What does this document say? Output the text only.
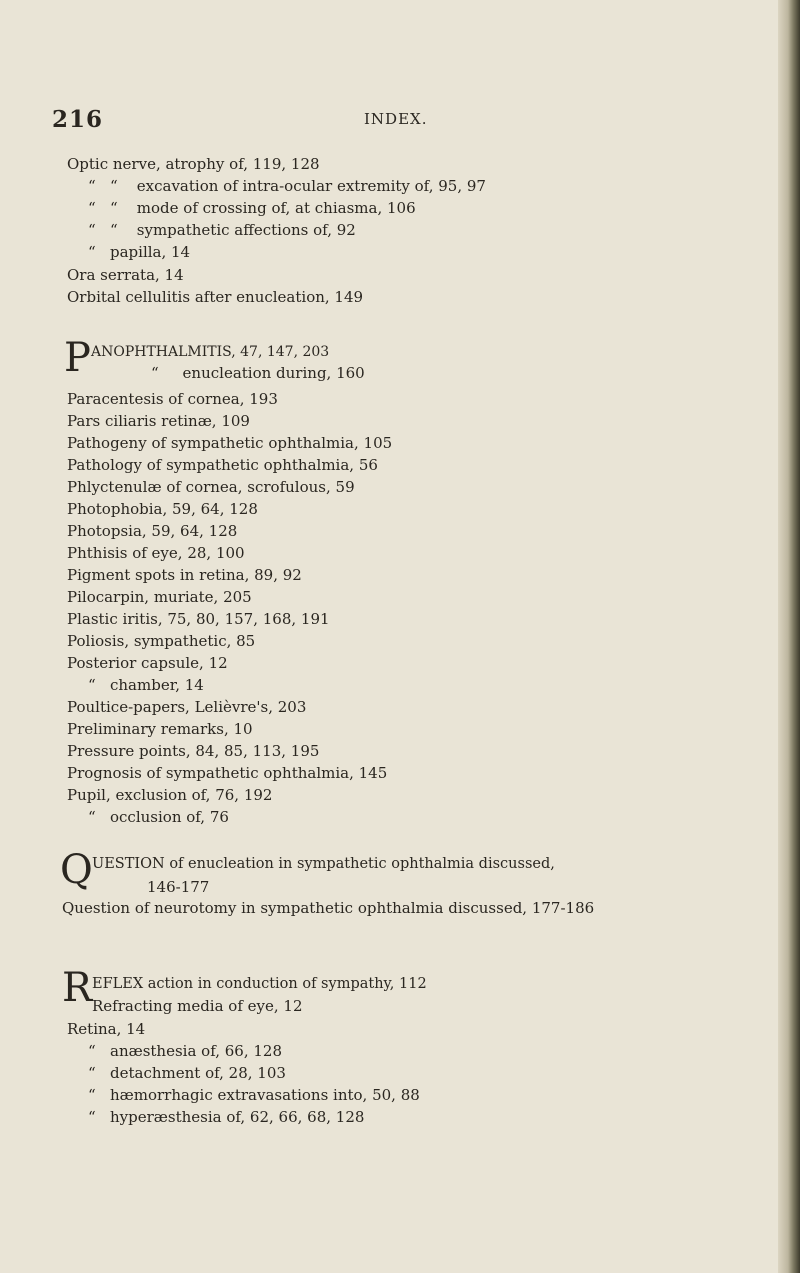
216	INDEX.
Optic nerve, atrophy of, 119, 128
“ “ excavation of intra-ocular extremity of, 95, 97
“ “ mode of crossing of, at chiasma, 106
“ “ sympathetic affections of, 92
“ papilla, 14
Ora serrata, 14
Orbital cellulitis after enucleation, 149
P ANOPHTHALMITIS, 47, 147, 203
“ enucleation during, 160
Paracentesis of cornea, 193
Pars ciliaris retinæ, 109
Pathogeny of sympathetic ophthalmia, 105
Pathology of sympathetic ophthalmia, 56
Phlyctenulæ of cornea, scrofulous, 59
Photophobia, 59, 64, 128
Photopsia, 59, 64, 128
Phthisis of eye, 28, 100
Pigment spots in retina, 89, 92
Pilocarpin, muriate, 205
Plastic iritis, 75, 80, 157, 168, 191
Poliosis, sympathetic, 85
Posterior capsule, 12
“ chamber, 14
Poultice-papers, Lelièvre's, 203
Preliminary remarks, 10
Pressure points, 84, 85, 113, 195
Prognosis of sympathetic ophthalmia, 145
Pupil, exclusion of, 76, 192
“ occlusion of, 76
Q UESTION of enucleation in sympathetic ophthalmia discussed,
146-177
Question of neurotomy in sympathetic ophthalmia discussed, 177-186
R EFLEX action in conduction of sympathy, 112
Refracting media of eye, 12
Retina, 14
“ anæsthesia of, 66, 128
“ detachment of, 28, 103
“ hæmorrhagic extravasations into, 50, 88
“ hyperæsthesia of, 62, 66, 68, 128
